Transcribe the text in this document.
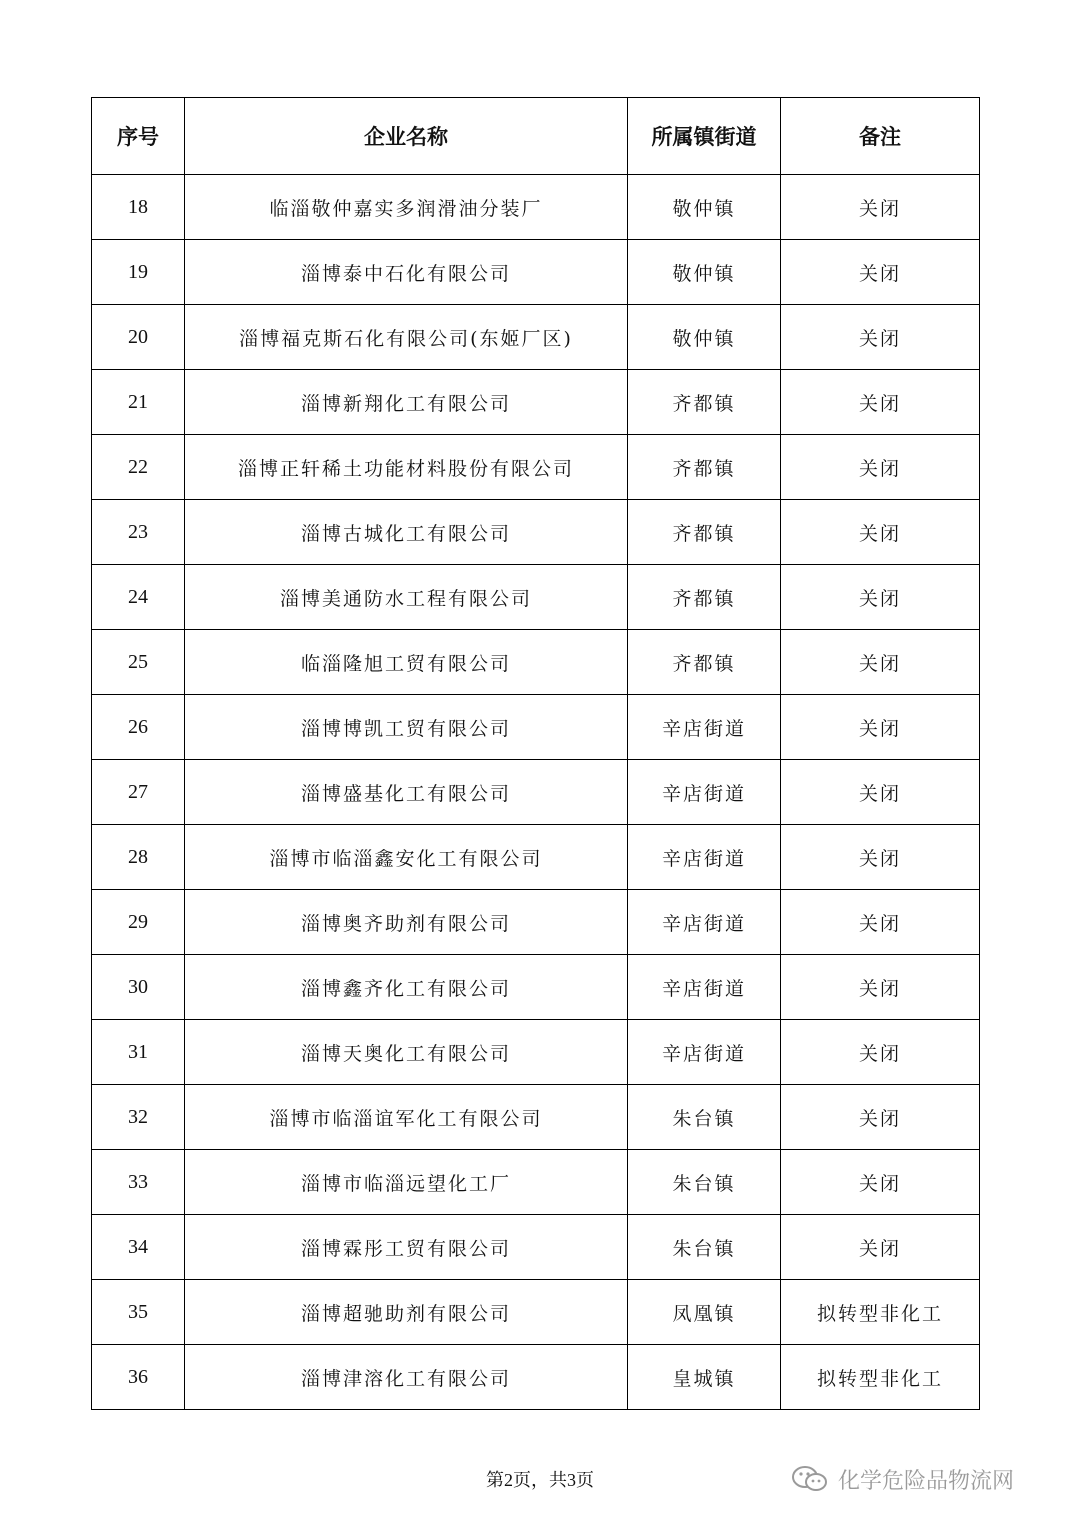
序号	企业名称	所属镇街道	备注
18	临淄敬仲嘉实多润滑油分装厂	敬仲镇	关闭
19	淄博泰中石化有限公司	敬仲镇	关闭
20	淄博福克斯石化有限公司(东姬厂区)	敬仲镇	关闭
21	淄博新翔化工有限公司	齐都镇	关闭
22	淄博正轩稀土功能材料股份有限公司	齐都镇	关闭
23	淄博古城化工有限公司	齐都镇	关闭
24	淄博美通防水工程有限公司	齐都镇	关闭
25	临淄隆旭工贸有限公司	齐都镇	关闭
26	淄博博凯工贸有限公司	辛店街道	关闭
27	淄博盛基化工有限公司	辛店街道	关闭
28	淄博市临淄鑫安化工有限公司	辛店街道	关闭
29	淄博奥齐助剂有限公司	辛店街道	关闭
30	淄博鑫齐化工有限公司	辛店街道	关闭
31	淄博天奥化工有限公司	辛店街道	关闭
32	淄博市临淄谊军化工有限公司	朱台镇	关闭
33	淄博市临淄远望化工厂	朱台镇	关闭
34	淄博霖彤工贸有限公司	朱台镇	关闭
35	淄博超驰助剂有限公司	凤凰镇	拟转型非化工
36	淄博津溶化工有限公司	皇城镇	拟转型非化工
第2页，共3页	化学危险品物流网
